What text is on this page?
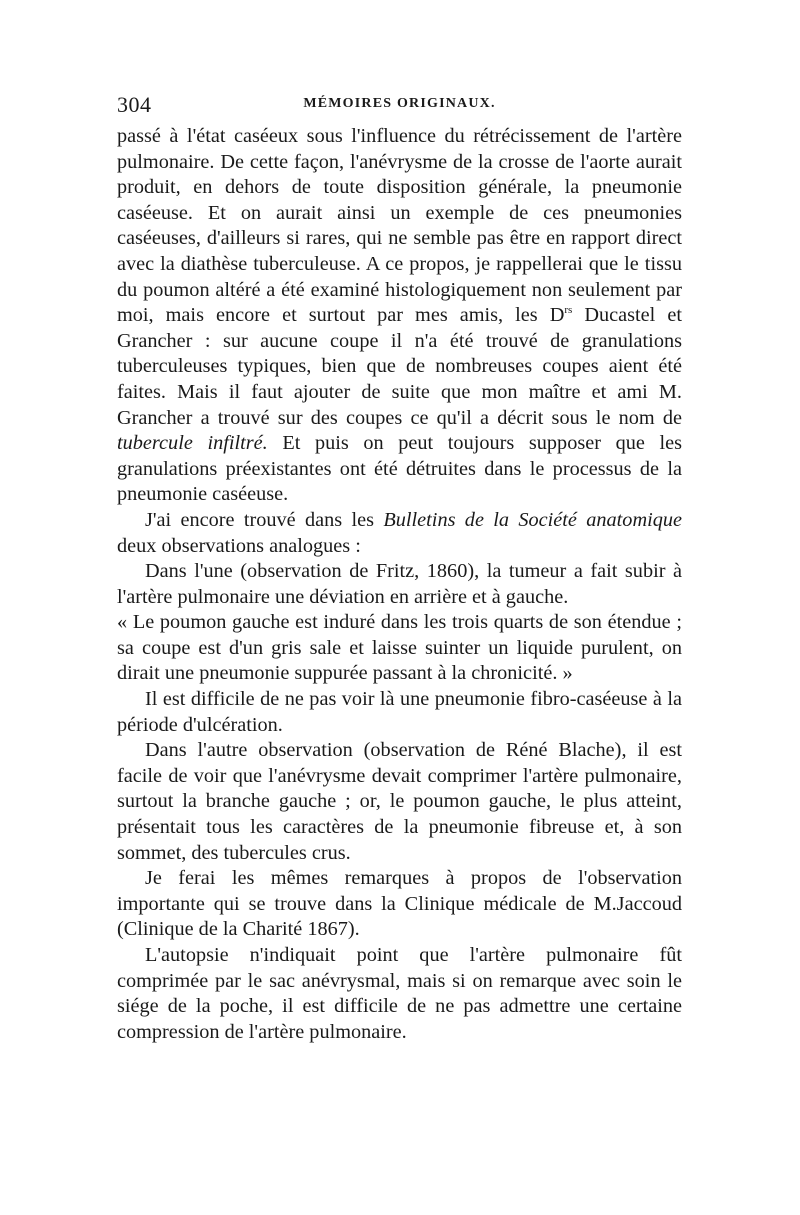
304	MÉMOIRES ORIGINAUX.

passé à l'état caséeux sous l'influence du rétrécissement de l'artère pulmonaire. De cette façon, l'anévrysme de la crosse de l'aorte aurait produit, en dehors de toute disposition générale, la pneumonie caséeuse. Et on aurait ainsi un exemple de ces pneumonies caséeuses, d'ailleurs si rares, qui ne semble pas être en rapport direct avec la diathèse tuberculeuse. A ce propos, je rappellerai que le tissu du poumon altéré a été examiné histologiquement non seulement par moi, mais encore et surtout par mes amis, les $D^{rs}$ Ducastel et Grancher : sur aucune coupe il n'a été trouvé de granulations tuberculeuses typiques, bien que de nombreuses coupes aient été faites. Mais il faut ajouter de suite que mon maître et ami M. Grancher a trouvé sur des coupes ce qu'il a décrit sous le nom de tubercule infiltré. Et puis on peut toujours supposer que les granulations préexistantes ont été détruites dans le processus de la pneumonie caséeuse.

J'ai encore trouvé dans les Bulletins de la Société anatomique deux observations analogues :

Dans l'une (observation de Fritz, 1860), la tumeur a fait subir à l'artère pulmonaire une déviation en arrière et à gauche.

« Le poumon gauche est induré dans les trois quarts de son étendue ; sa coupe est d'un gris sale et laisse suinter un liquide purulent, on dirait une pneumonie suppurée passant à la chronicité. »

Il est difficile de ne pas voir là une pneumonie fibro-caséeuse à la période d'ulcération.

Dans l'autre observation (observation de Réné Blache), il est facile de voir que l'anévrysme devait comprimer l'artère pulmonaire, surtout la branche gauche ; or, le poumon gauche, le plus atteint, présentait tous les caractères de la pneumonie fibreuse et, à son sommet, des tubercules crus.

Je ferai les mêmes remarques à propos de l'observation importante qui se trouve dans la Clinique médicale de M.Jaccoud (Clinique de la Charité 1867).

L'autopsie n'indiquait point que l'artère pulmonaire fût comprimée par le sac anévrysmal, mais si on remarque avec soin le siége de la poche, il est difficile de ne pas admettre une certaine compression de l'artère pulmonaire.
